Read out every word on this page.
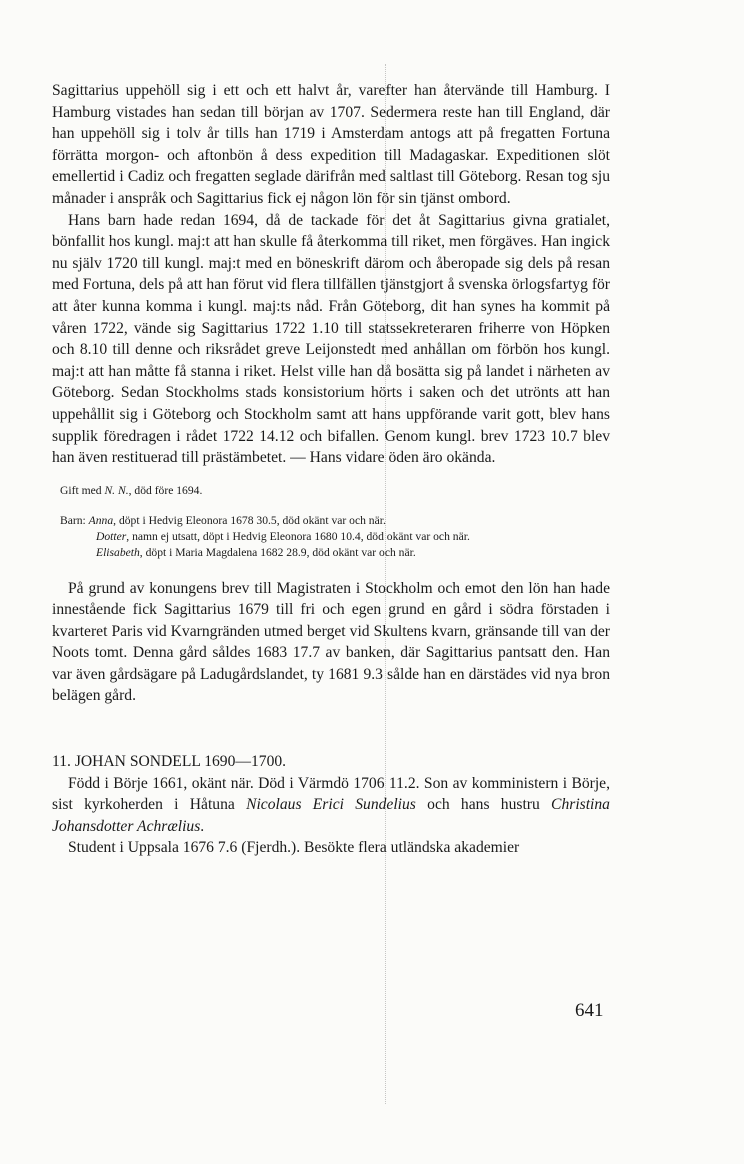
Sagittarius uppehöll sig i ett och ett halvt år, varefter han återvände till Hamburg. I Hamburg vistades han sedan till början av 1707. Sedermera reste han till England, där han uppehöll sig i tolv år tills han 1719 i Amsterdam antogs att på fregatten Fortuna förrätta morgon- och aftonbön å dess expedition till Madagaskar. Expeditionen slöt emellertid i Cadiz och fregatten seglade därifrån med saltlast till Göteborg. Resan tog sju månader i anspråk och Sagittarius fick ej någon lön för sin tjänst ombord.

Hans barn hade redan 1694, då de tackade för det åt Sagittarius givna gratialet, bönfallit hos kungl. maj:t att han skulle få återkomma till riket, men förgäves. Han ingick nu själv 1720 till kungl. maj:t med en böneskrift därom och åberopade sig dels på resan med Fortuna, dels på att han förut vid flera tillfällen tjänstgjort å svenska örlogsfartyg för att åter kunna komma i kungl. maj:ts nåd. Från Göteborg, dit han synes ha kommit på våren 1722, vände sig Sagittarius 1722 1.10 till statssekreteraren friherre von Höpken och 8.10 till denne och riksrådet greve Leijonstedt med anhållan om förbön hos kungl. maj:t att han måtte få stanna i riket. Helst ville han då bosätta sig på landet i närheten av Göteborg. Sedan Stockholms stads konsistorium hörts i saken och det utrönts att han uppehållit sig i Göteborg och Stockholm samt att hans uppförande varit gott, blev hans supplik föredragen i rådet 1722 14.12 och bifallen. Genom kungl. brev 1723 10.7 blev han även restituerad till prästämbetet. — Hans vidare öden äro okända.

Gift med N. N., död före 1694.

Barn: Anna, döpt i Hedvig Eleonora 1678 30.5, död okänt var och när.

Dotter, namn ej utsatt, döpt i Hedvig Eleonora 1680 10.4, död okänt var och när.

Elisabeth, döpt i Maria Magdalena 1682 28.9, död okänt var och när.

På grund av konungens brev till Magistraten i Stockholm och emot den lön han hade innestående fick Sagittarius 1679 till fri och egen grund en gård i södra förstaden i kvarteret Paris vid Kvarngränden utmed berget vid Skultens kvarn, gränsande till van der Noots tomt. Denna gård såldes 1683 17.7 av banken, där Sagittarius pantsatt den. Han var även gårdsägare på Ladugårdslandet, ty 1681 9.3 sålde han en därstädes vid nya bron belägen gård.

11. JOHAN SONDELL 1690—1700.

Född i Börje 1661, okänt när. Död i Värmdö 1706 11.2. Son av komministern i Börje, sist kyrkoherden i Håtuna Nicolaus Erici Sundelius och hans hustru Christina Johansdotter Achrælius.

Student i Uppsala 1676 7.6 (Fjerdh.). Besökte flera utländska akademier

641
